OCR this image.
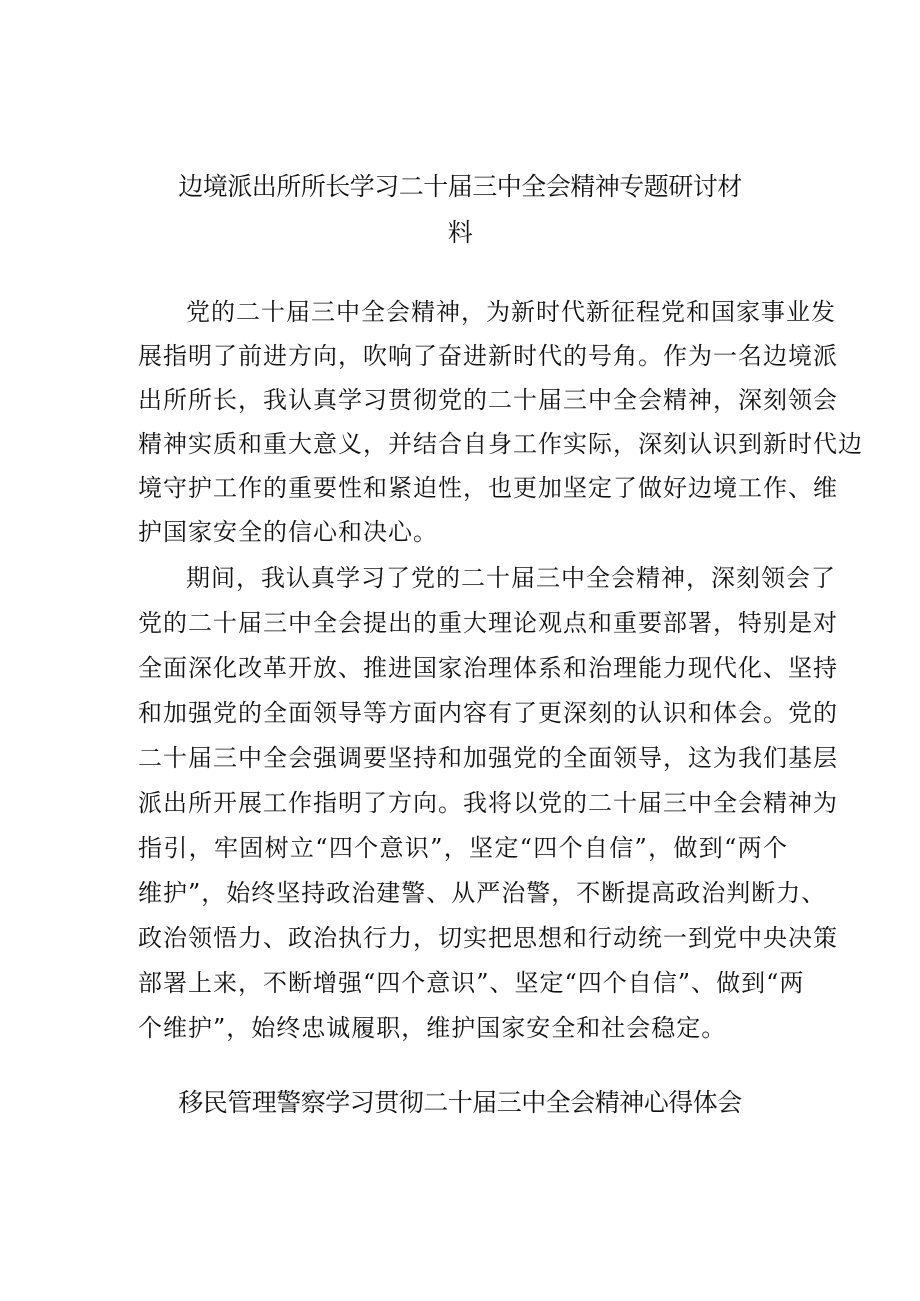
边境派出所所长学习二十届三中全会精神专题研讨材
料
党的二十届三中全会精神，为新时代新征程党和国家事业发
展指明了前进方向，吹响了奋进新时代的号角。作为一名边境派
出所所长，我认真学习贯彻党的二十届三中全会精神，深刻领会
精神实质和重大意义，并结合自身工作实际，深刻认识到新时代边
境守护工作的重要性和紧迫性，也更加坚定了做好边境工作、维
护国家安全的信心和决心。
期间，我认真学习了党的二十届三中全会精神，深刻领会了
党的二十届三中全会提出的重大理论观点和重要部署，特别是对
全面深化改革开放、推进国家治理体系和治理能力现代化、坚持
和加强党的全面领导等方面内容有了更深刻的认识和体会。党的
二十届三中全会强调要坚持和加强党的全面领导，这为我们基层
派出所开展工作指明了方向。我将以党的二十届三中全会精神为
指引，牢固树立“四个意识”，坚定“四个自信”，做到“两个
维护”，始终坚持政治建警、从严治警，不断提高政治判断力、
政治领悟力、政治执行力，切实把思想和行动统一到党中央决策
部署上来，不断增强“四个意识”、坚定“四个自信”、做到“两
个维护”，始终忠诚履职，维护国家安全和社会稳定。
移民管理警察学习贯彻二十届三中全会精神心得体会
